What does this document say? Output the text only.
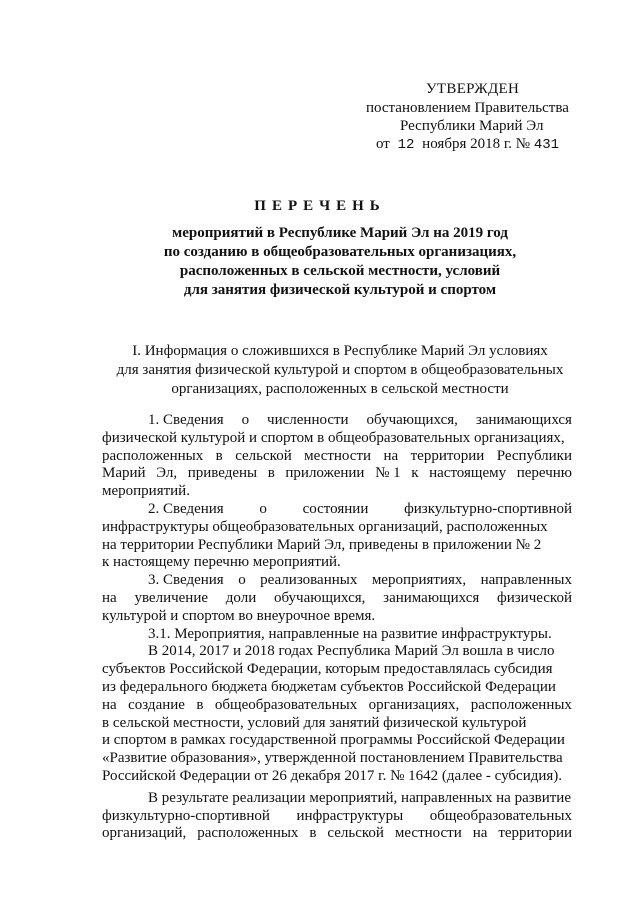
УТВЕРЖДЕН
постановлением Правительства
Республики Марий Эл
от 12 ноября 2018 г. № 431
ПЕРЕЧЕНЬ
мероприятий в Республике Марий Эл на 2019 год
по созданию в общеобразовательных организациях,
расположенных в сельской местности, условий
для занятия физической культурой и спортом
I. Информация о сложившихся в Республике Марий Эл условиях
для занятия физической культурой и спортом в общеобразовательных
организациях, расположенных в сельской местности
1. Сведения о численности обучающихся, занимающихся
физической культурой и спортом в общеобразовательных организациях,
расположенных в сельской местности на территории Республики
Марий Эл, приведены в приложении № 1 к настоящему перечню
мероприятий.
2. Сведения о состоянии физкультурно-спортивной
инфраструктуры общеобразовательных организаций, расположенных
на территории Республики Марий Эл, приведены в приложении № 2
к настоящему перечню мероприятий.
3. Сведения о реализованных мероприятиях, направленных
на увеличение доли обучающихся, занимающихся физической
культурой и спортом во внеурочное время.
3.1. Мероприятия, направленные на развитие инфраструктуры.
В 2014, 2017 и 2018 годах Республика Марий Эл вошла в число
субъектов Российской Федерации, которым предоставлялась субсидия
из федерального бюджета бюджетам субъектов Российской Федерации
на создание в общеобразовательных организациях, расположенных
в сельской местности, условий для занятий физической культурой
и спортом в рамках государственной программы Российской Федерации
«Развитие образования», утвержденной постановлением Правительства
Российской Федерации от 26 декабря 2017 г. № 1642 (далее - субсидия).
В результате реализации мероприятий, направленных на развитие
физкультурно-спортивной инфраструктуры общеобразовательных
организаций, расположенных в сельской местности на территории
